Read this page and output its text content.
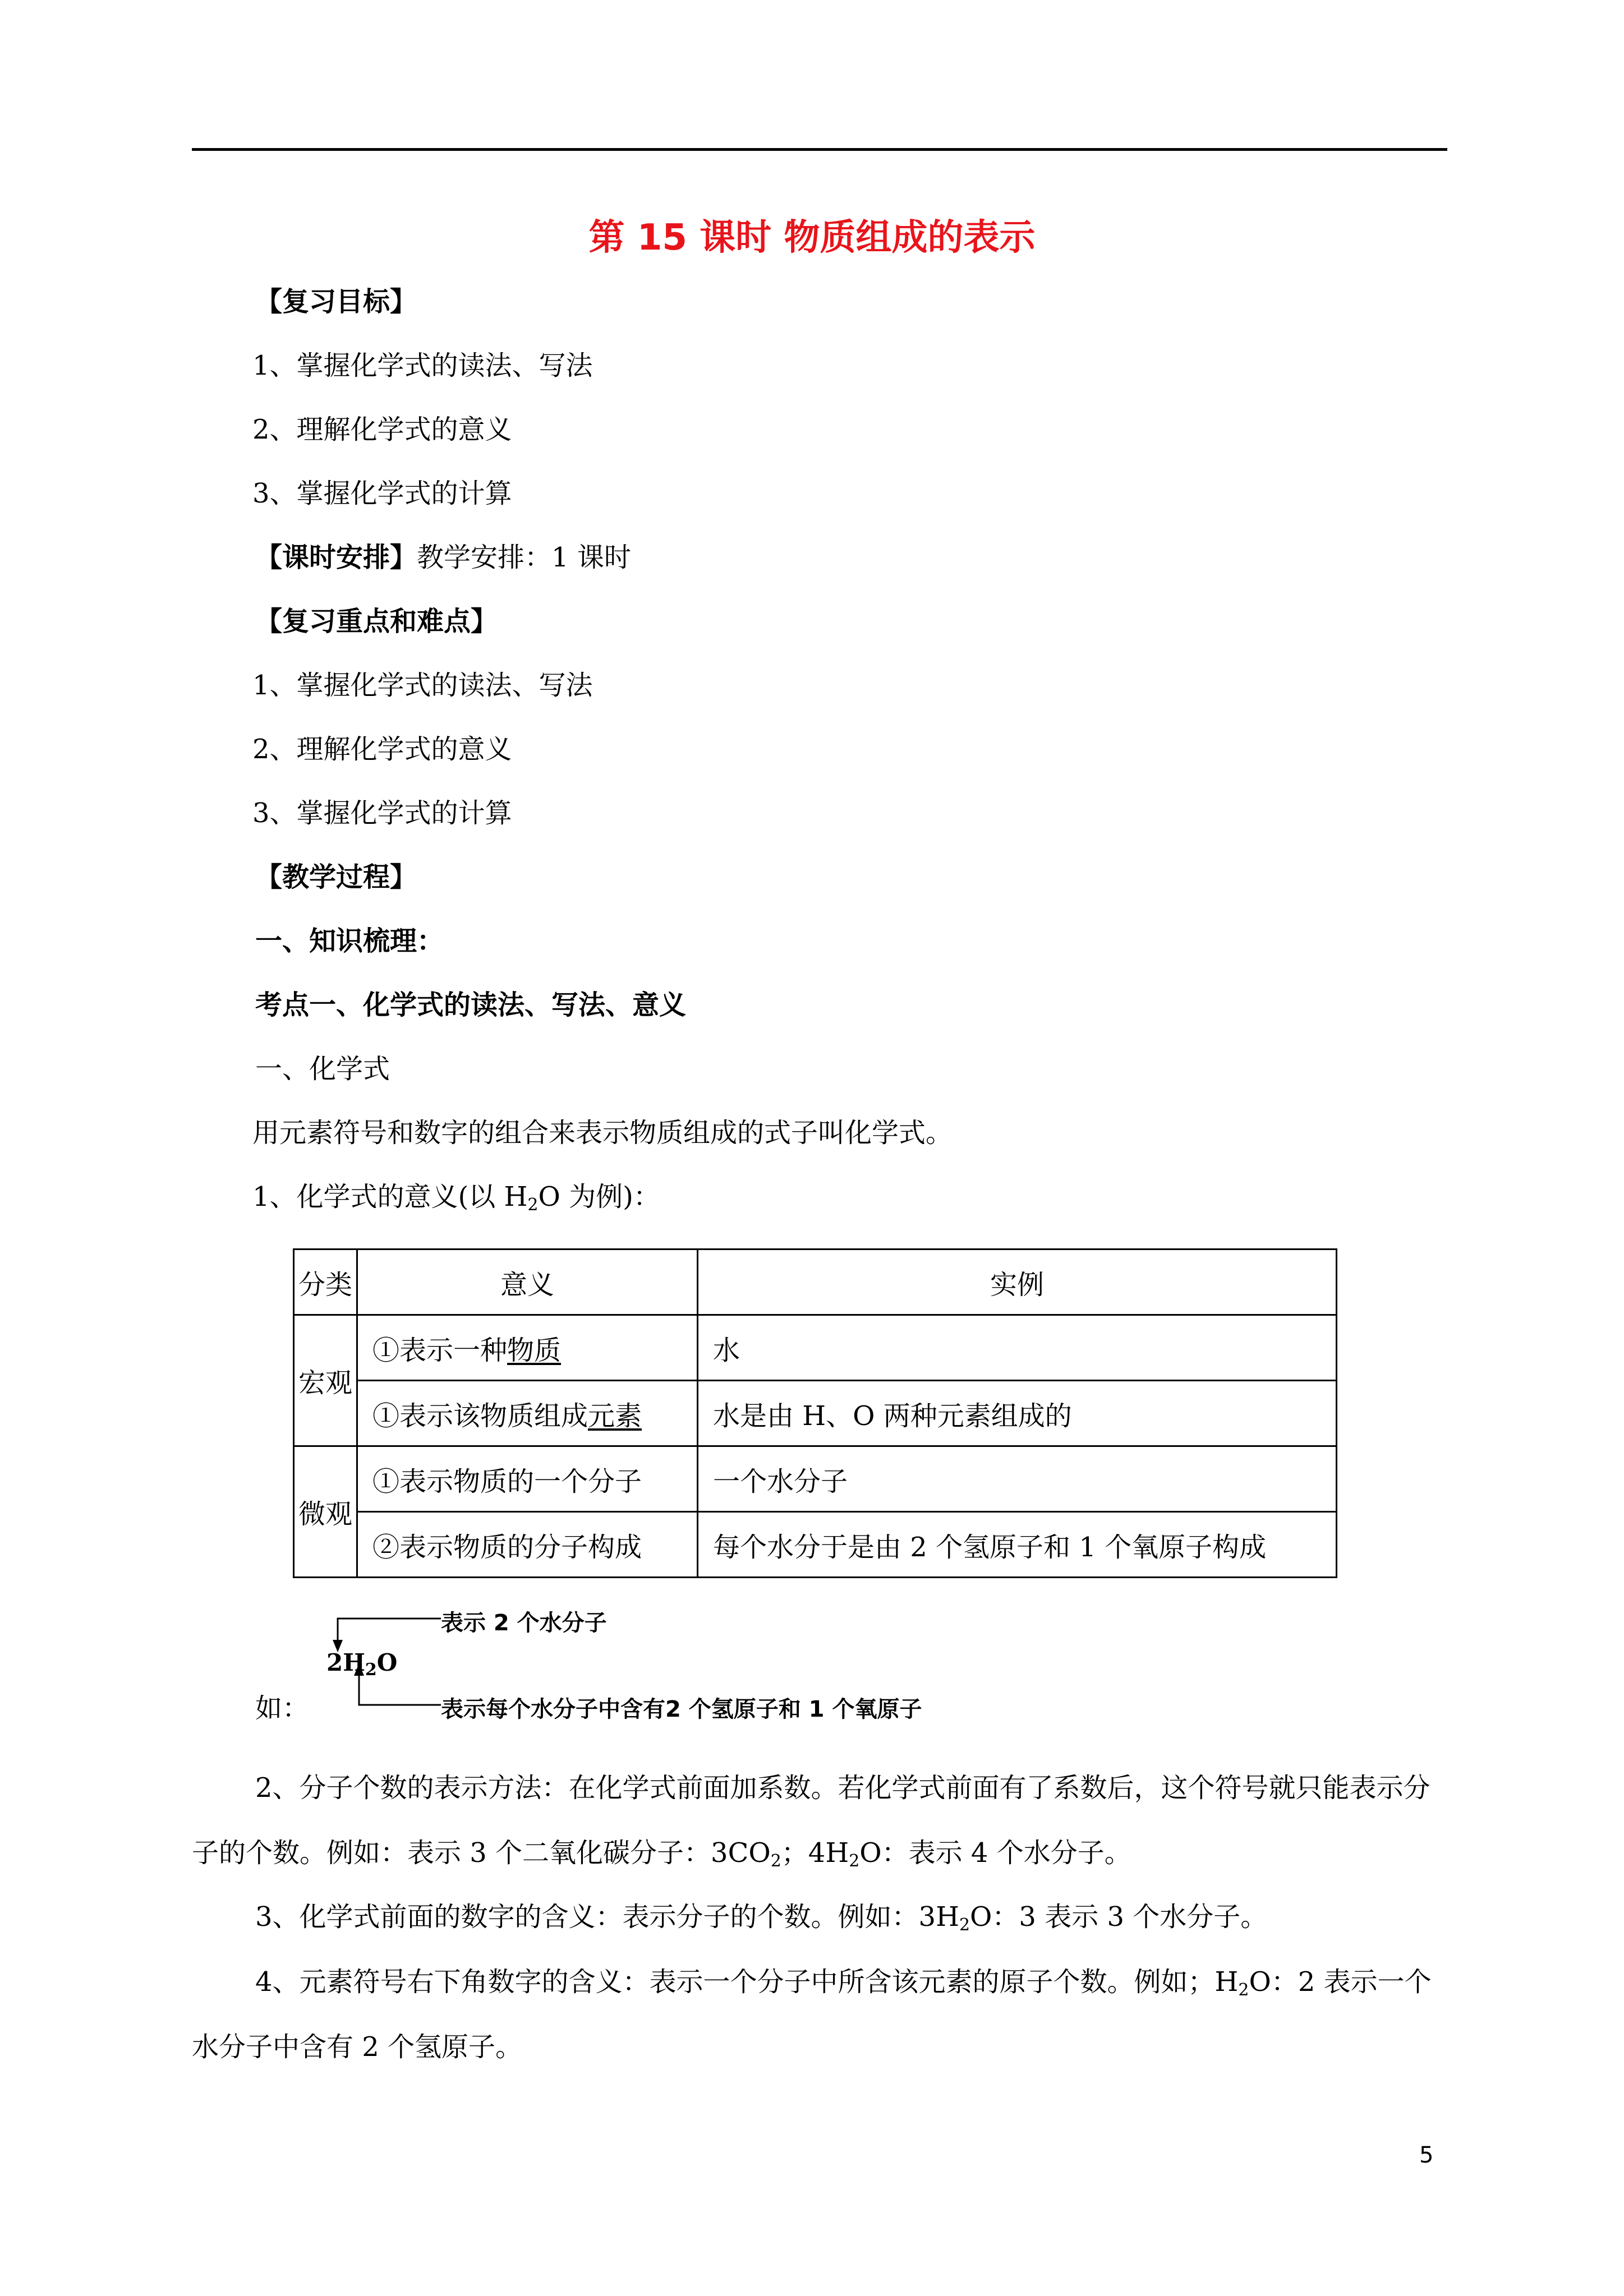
第 15 课时 物质组成的表示
【复习目标】
1、掌握化学式的读法、写法
2、理解化学式的意义
3、掌握化学式的计算
【课时安排】教学安排：1 课时
【复习重点和难点】
1、掌握化学式的读法、写法
2、理解化学式的意义
3、掌握化学式的计算
【教学过程】
一、知识梳理：
考点一、化学式的读法、写法、意义
一、化学式
用元素符号和数字的组合来表示物质组成的式子叫化学式。
1、化学式的意义(以 $H_2O$ 为例)：
分类	意义	实例
宏观	①表示一种物质	水
	①表示该物质组成元素	水是由 H、O 两种元素组成的
微观	①表示物质的一个分子	一个水分子
	②表示物质的分子构成	每个水分于是由 2 个氢原子和 1 个氧原子构成
表示 2 个水分子
$2H_2O$
表示每个水分子中含有2 个氢原子和 1 个氧原子
如：
2、分子个数的表示方法：在化学式前面加系数。若化学式前面有了系数后，这个符号就只能表示分子的个数。例如：表示 3 个二氧化碳分子：$3CO_2$；$4H_2O$：表示 4 个水分子。
3、化学式前面的数字的含义：表示分子的个数。例如：$3H_2O$：3 表示 3 个水分子。
4、元素符号右下角数字的含义：表示一个分子中所含该元素的原子个数。例如；$H_2O$：2 表示一个水分子中含有 2 个氢原子。
5
